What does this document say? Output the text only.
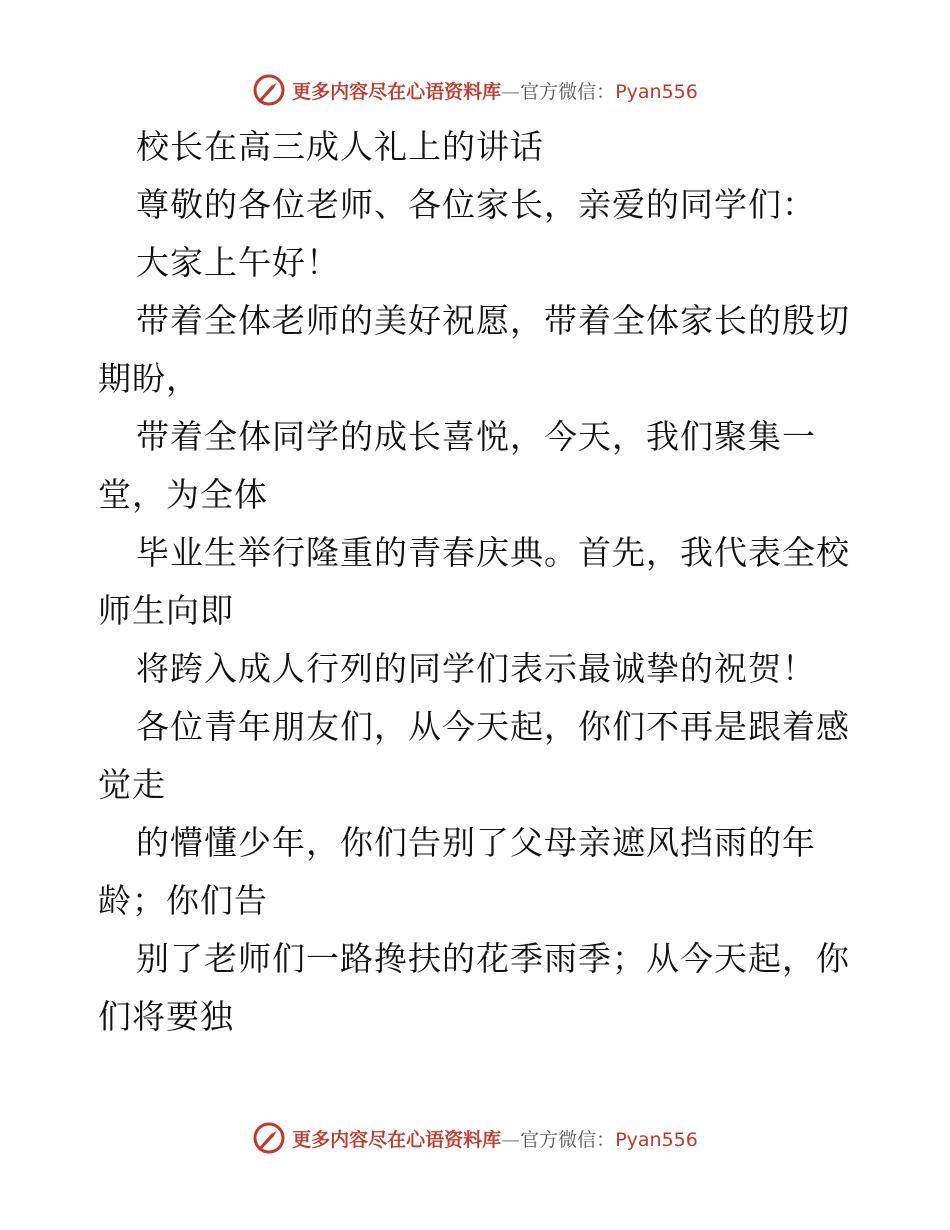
更多内容尽在心语资料库—官方微信：Pyan556
校长在高三成人礼上的讲话
尊敬的各位老师、各位家长，亲爱的同学们：
大家上午好！
带着全体老师的美好祝愿，带着全体家长的殷切
期盼，
带着全体同学的成长喜悦，今天，我们聚集一
堂，为全体
毕业生举行隆重的青春庆典。首先，我代表全校
师生向即
将跨入成人行列的同学们表示最诚挚的祝贺！
各位青年朋友们，从今天起，你们不再是跟着感
觉走
的懵懂少年，你们告别了父母亲遮风挡雨的年
龄；你们告
别了老师们一路搀扶的花季雨季；从今天起，你
们将要独
更多内容尽在心语资料库—官方微信：Pyan556
